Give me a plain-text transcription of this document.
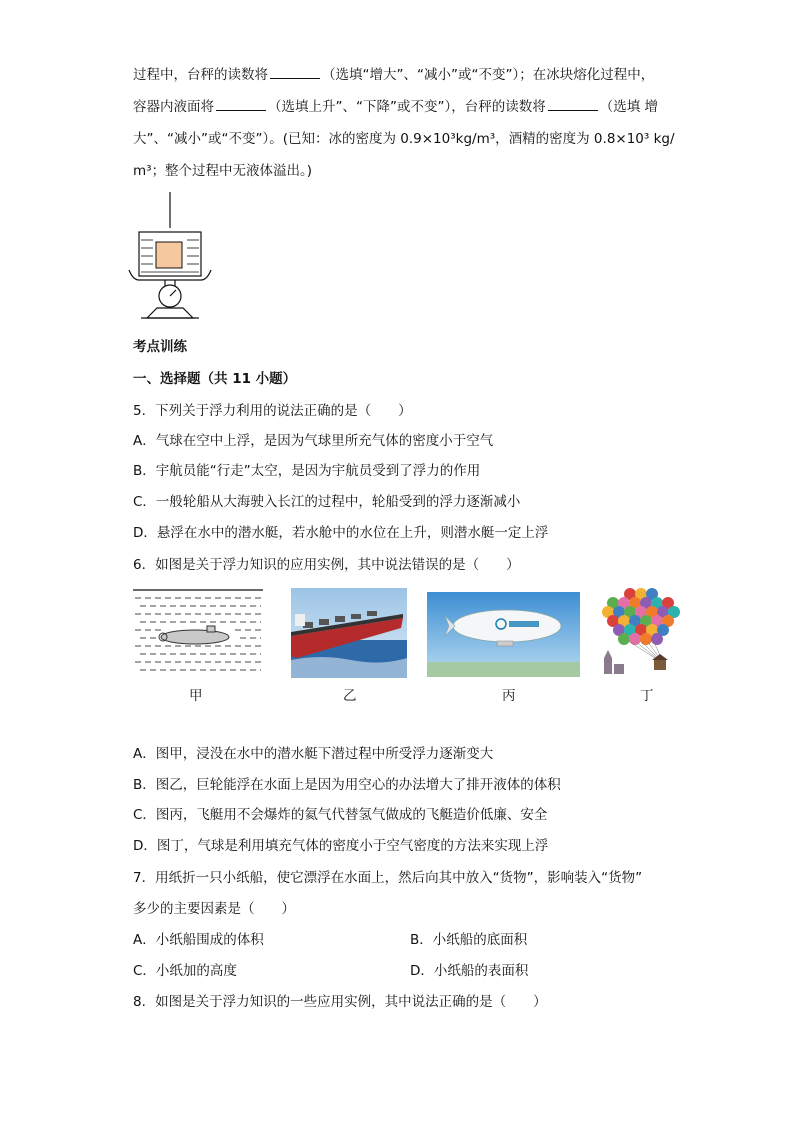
过程中，台秤的读数将	（选填“增大”、“减小”或“不变”）；在冰块熔化过程中，
容器内液面将	（选填上升”、“下降”或不变”），台秤的读数将	（选填 增
大”、“减小”或“不变”）。(已知：冰的密度为 0.9×10³kg/m³，酒精的密度为 0.8×10³ kg/
m³；整个过程中无液体溢出。)
考点训练
一、选择题（共 11 小题）
5．下列关于浮力利用的说法正确的是（　　）
A．气球在空中上浮，是因为气球里所充气体的密度小于空气
B．宇航员能“行走”太空，是因为宇航员受到了浮力的作用
C．一般轮船从大海驶入长江的过程中，轮船受到的浮力逐渐减小
D．悬浮在水中的潜水艇，若水舱中的水位在上升，则潜水艇一定上浮
6．如图是关于浮力知识的应用实例，其中说法错误的是（　　）
甲	乙	丙	丁
A．图甲，浸没在水中的潜水艇下潜过程中所受浮力逐渐变大
B．图乙，巨轮能浮在水面上是因为用空心的办法增大了排开液体的体积
C．图丙，飞艇用不会爆炸的氦气代替氢气做成的飞艇造价低廉、安全
D．图丁，气球是利用填充气体的密度小于空气密度的方法来实现上浮
7．用纸折一只小纸船，使它漂浮在水面上，然后向其中放入“货物”，影响装入“货物”
多少的主要因素是（　　）
A．小纸船围成的体积	B．小纸船的底面积
C．小纸加的高度	D．小纸船的表面积
8．如图是关于浮力知识的一些应用实例，其中说法正确的是（　　）
